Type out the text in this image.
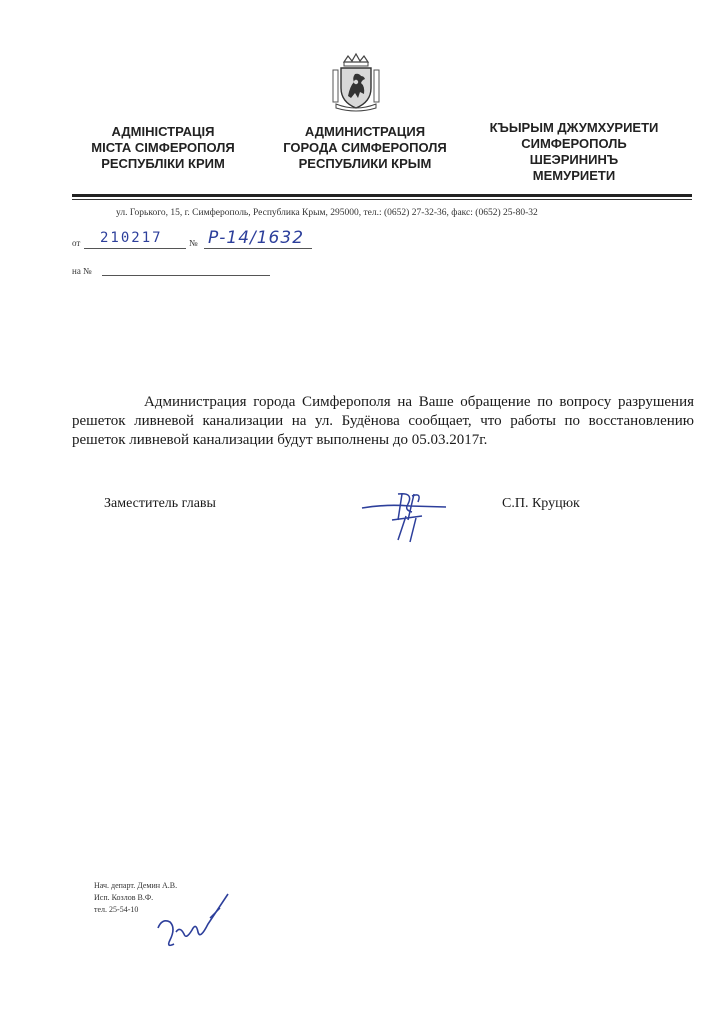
АДМІНІСТРАЦІЯ
МІСТА СІМФЕРОПОЛЯ
РЕСПУБЛІКИ КРИМ
АДМИНИСТРАЦИЯ
ГОРОДА СИМФЕРОПОЛЯ
РЕСПУБЛИКИ КРЫМ
КЪЫРЫМ ДЖУМХУРИЕТИ
СИМФЕРОПОЛЬ
ШЕЭРИНИНЪ
МЕМУРИЕТИ
ул. Горького, 15, г. Симферополь, Республика Крым, 295000, тел.: (0652) 27-32-36, факс: (0652) 25-80-32
от 210217	№ Р-14/1632
на №

Администрация города Симферополя на Ваше обращение по вопросу разрушения решеток ливневой канализации на ул. Будёнова сообщает, что работы по восстановлению решеток ливневой канализации будут выполнены до 05.03.2017г.

Заместитель главы	С.П. Круцюк
Нач. департ. Демин А.В.
Исп. Козлов В.Ф.
тел. 25-54-10
